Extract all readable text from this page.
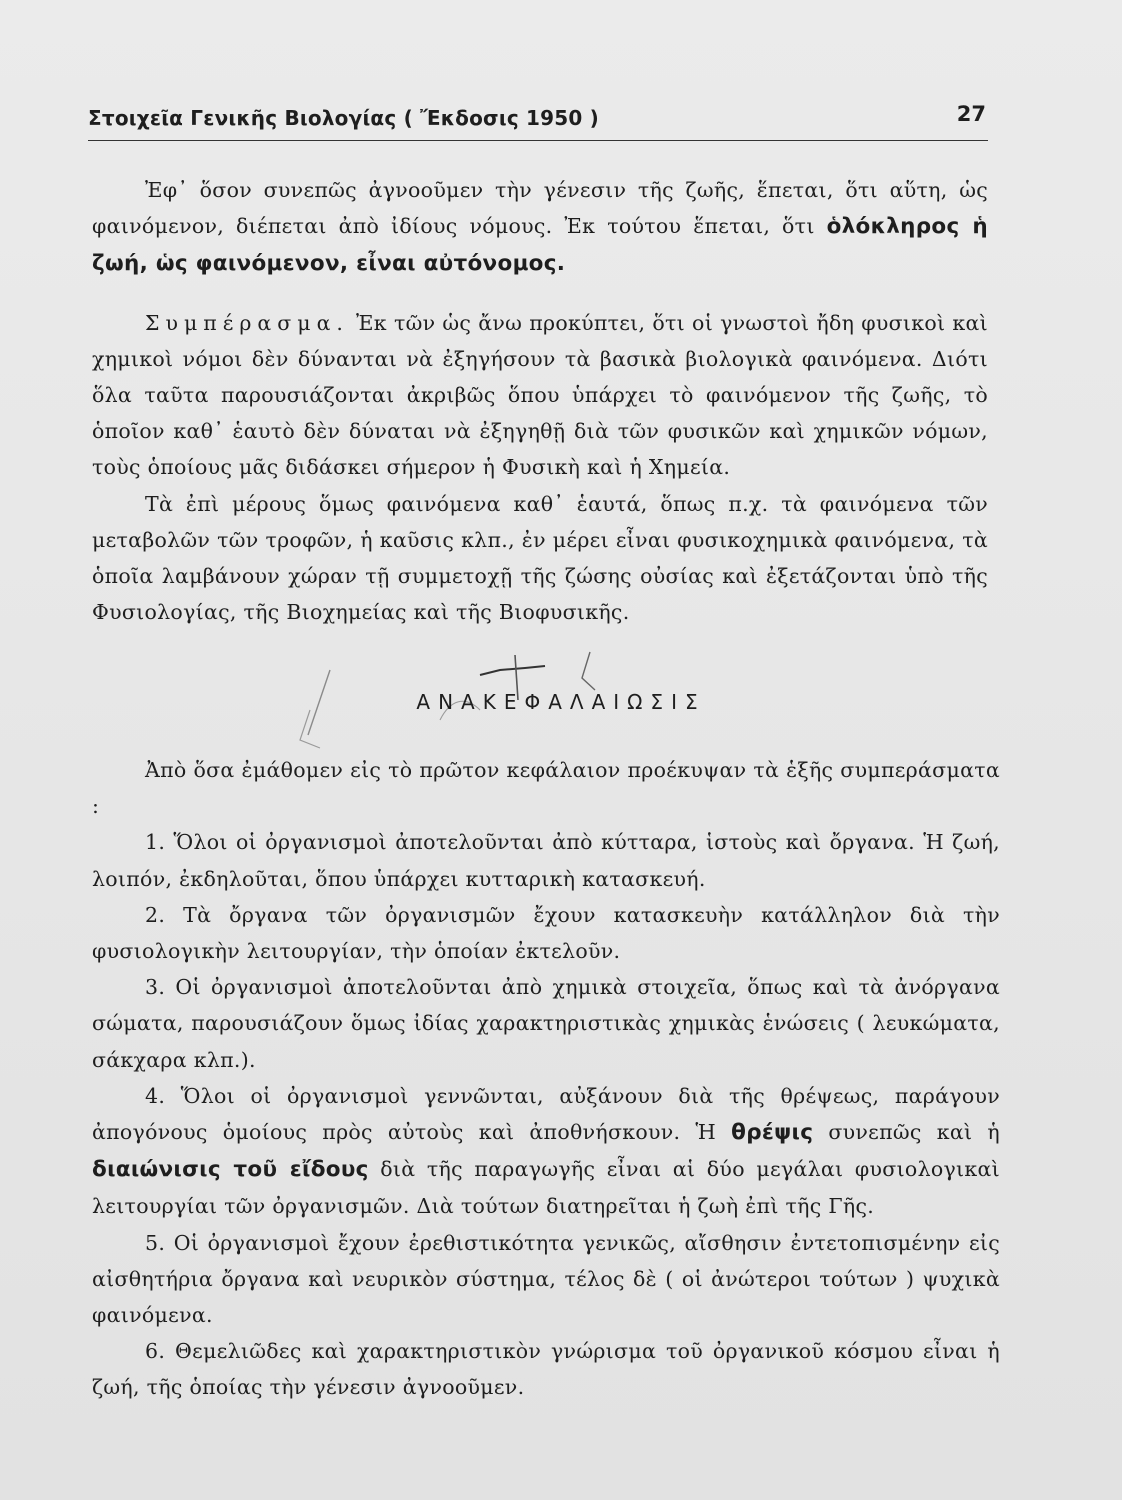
Στοιχεῖα Γενικῆς Βιολογίας ( Ἔκδοσις 1950 )	27

Ἐφ᾽ ὅσον συνεπῶς ἀγνοοῦμεν τὴν γένεσιν τῆς ζωῆς, ἕπεται, ὅτι αὕτη, ὡς φαινόμενον, διέπεται ἀπὸ ἰδίους νόμους. Ἐκ τούτου ἕπεται, ὅτι ὁλόκληρος ἡ ζωή, ὡς φαινόμενον, εἶναι αὐτόνομος.

Συμπέρασμα. Ἐκ τῶν ὡς ἄνω προκύπτει, ὅτι οἱ γνωστοὶ ἤδη φυσικοὶ καὶ χημικοὶ νόμοι δὲν δύνανται νὰ ἐξηγήσουν τὰ βασικὰ βιολογικὰ φαινόμενα. Διότι ὅλα ταῦτα παρουσιάζονται ἀκριβῶς ὅπου ὑπάρχει τὸ φαινόμενον τῆς ζωῆς, τὸ ὁποῖον καθ᾽ ἑαυτὸ δὲν δύναται νὰ ἐξηγηθῇ διὰ τῶν φυσικῶν καὶ χημικῶν νόμων, τοὺς ὁποίους μᾶς διδάσκει σήμερον ἡ Φυσικὴ καὶ ἡ Χημεία.

Τὰ ἐπὶ μέρους ὅμως φαινόμενα καθ᾽ ἑαυτά, ὅπως π.χ. τὰ φαινόμενα τῶν μεταβολῶν τῶν τροφῶν, ἡ καῦσις κλπ., ἐν μέρει εἶναι φυσικοχημικὰ φαινόμενα, τὰ ὁποῖα λαμβάνουν χώραν τῇ συμμετοχῇ τῆς ζώσης οὐσίας καὶ ἐξετάζονται ὑπὸ τῆς Φυσιολογίας, τῆς Βιοχημείας καὶ τῆς Βιοφυσικῆς.

ΑΝΑΚΕΦΑΛΑΙΩΣΙΣ

Ἀπὸ ὅσα ἐμάθομεν εἰς τὸ πρῶτον κεφάλαιον προέκυψαν τὰ ἑξῆς συμπεράσματα :

1. Ὅλοι οἱ ὀργανισμοὶ ἀποτελοῦνται ἀπὸ κύτταρα, ἱστοὺς καὶ ὄργανα. Ἡ ζωή, λοιπόν, ἐκδηλοῦται, ὅπου ὑπάρχει κυτταρικὴ κατασκευή.

2. Τὰ ὄργανα τῶν ὀργανισμῶν ἔχουν κατασκευὴν κατάλληλον διὰ τὴν φυσιολογικὴν λειτουργίαν, τὴν ὁποίαν ἐκτελοῦν.

3. Οἱ ὀργανισμοὶ ἀποτελοῦνται ἀπὸ χημικὰ στοιχεῖα, ὅπως καὶ τὰ ἀνόργανα σώματα, παρουσιάζουν ὅμως ἰδίας χαρακτηριστικὰς χημικὰς ἑνώσεις ( λευκώματα, σάκχαρα κλπ.).

4. Ὅλοι οἱ ὀργανισμοὶ γεννῶνται, αὐξάνουν διὰ τῆς θρέψεως, παράγουν ἀπογόνους ὁμοίους πρὸς αὐτοὺς καὶ ἀποθνήσκουν. Ἡ θρέψις συνεπῶς καὶ ἡ διαιώνισις τοῦ εἴδους διὰ τῆς παραγωγῆς εἶναι αἱ δύο μεγάλαι φυσιολογικαὶ λειτουργίαι τῶν ὀργανισμῶν. Διὰ τούτων διατηρεῖται ἡ ζωὴ ἐπὶ τῆς Γῆς.

5. Οἱ ὀργανισμοὶ ἔχουν ἐρεθιστικότητα γενικῶς, αἴσθησιν ἐντετοπισμένην εἰς αἰσθητήρια ὄργανα καὶ νευρικὸν σύστημα, τέλος δὲ ( οἱ ἀνώτεροι τούτων ) ψυχικὰ φαινόμενα.

6. Θεμελιῶδες καὶ χαρακτηριστικὸν γνώρισμα τοῦ ὀργανικοῦ κόσμου εἶναι ἡ ζωή, τῆς ὁποίας τὴν γένεσιν ἀγνοοῦμεν.
